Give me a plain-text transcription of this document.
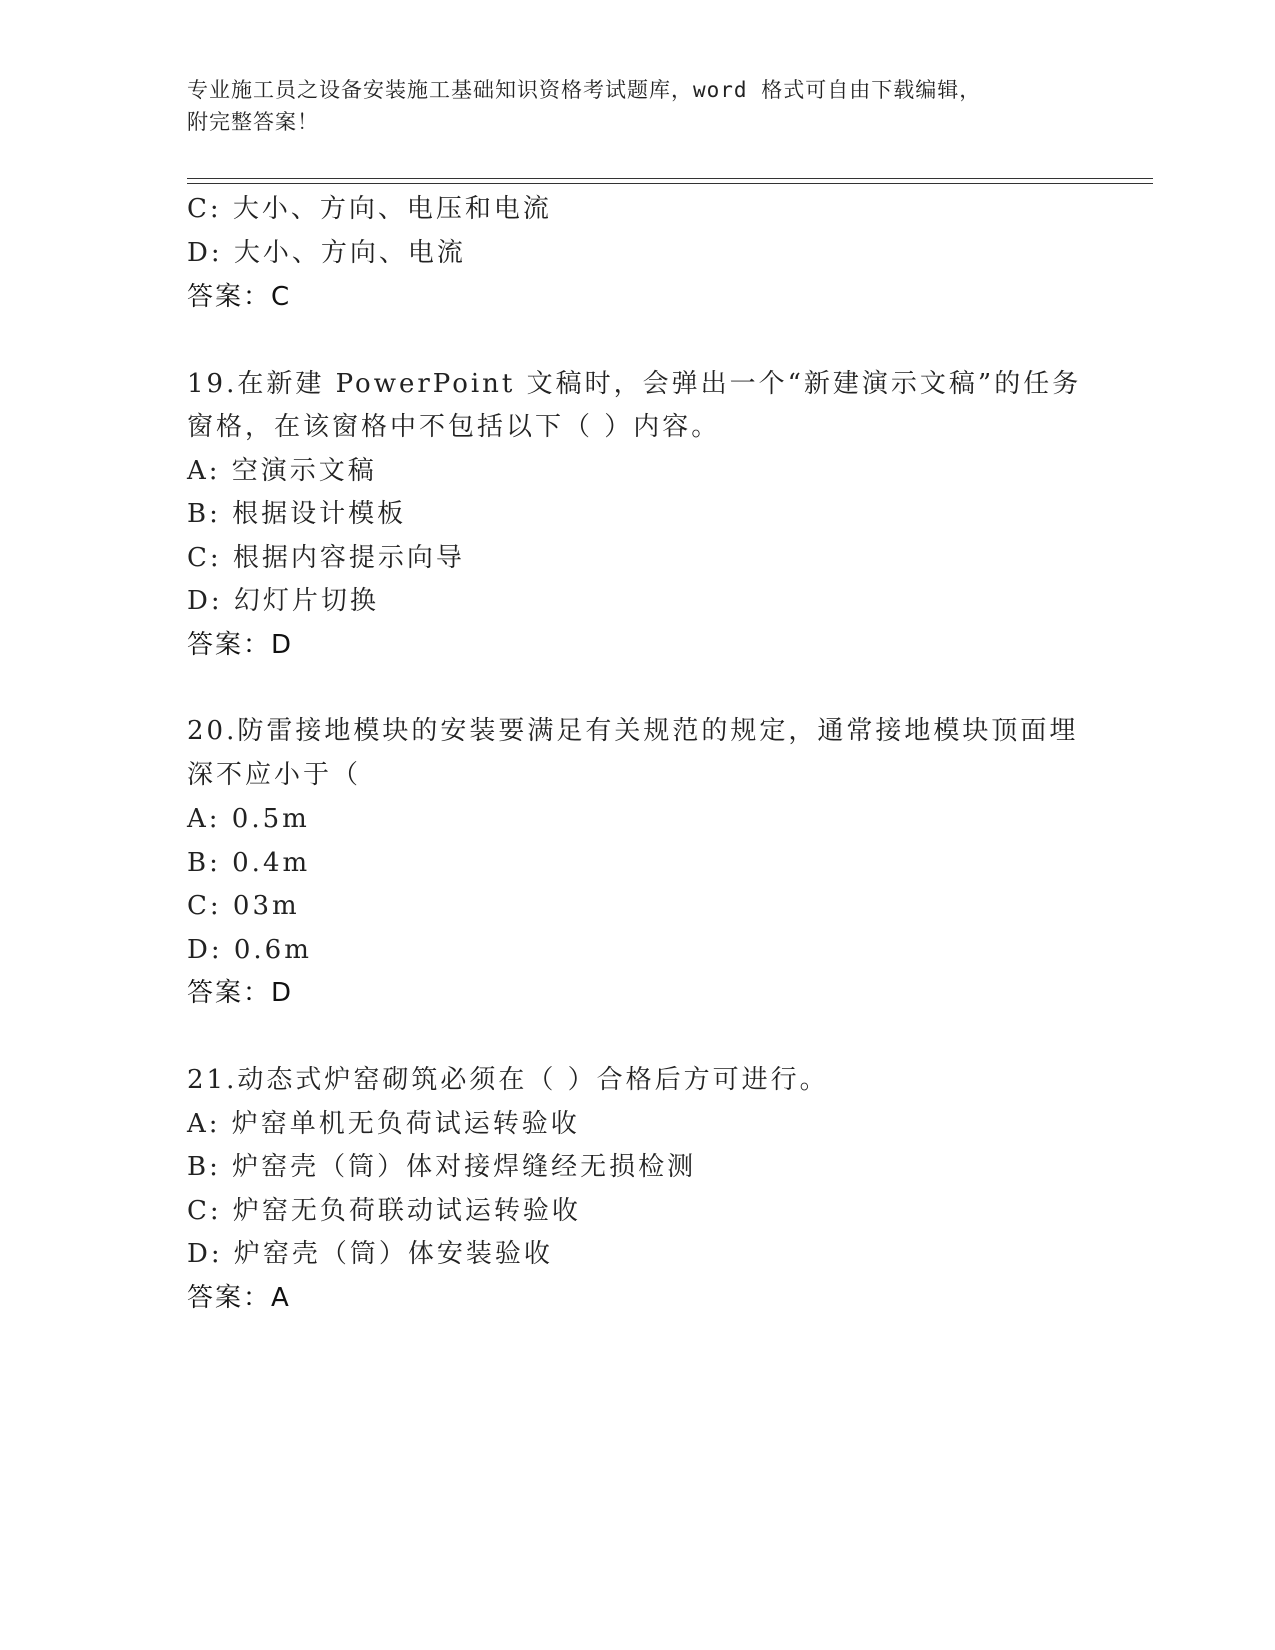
专业施工员之设备安装施工基础知识资格考试题库，word 格式可自由下载编辑，
附完整答案！
C: 大小、方向、电压和电流
D: 大小、方向、电流
答案：C
19.在新建 PowerPoint 文稿时，会弹出一个“新建演示文稿”的任务
窗格，在该窗格中不包括以下（ ）内容。
A: 空演示文稿
B: 根据设计模板
C: 根据内容提示向导
D: 幻灯片切换
答案：D
20.防雷接地模块的安装要满足有关规范的规定，通常接地模块顶面埋
深不应小于（
A: 0.5m
B: 0.4m
C: 03m
D: 0.6m
答案：D
21.动态式炉窑砌筑必须在（ ）合格后方可进行。
A: 炉窑单机无负荷试运转验收
B: 炉窑壳（筒）体对接焊缝经无损检测
C: 炉窑无负荷联动试运转验收
D: 炉窑壳（筒）体安装验收
答案：A
